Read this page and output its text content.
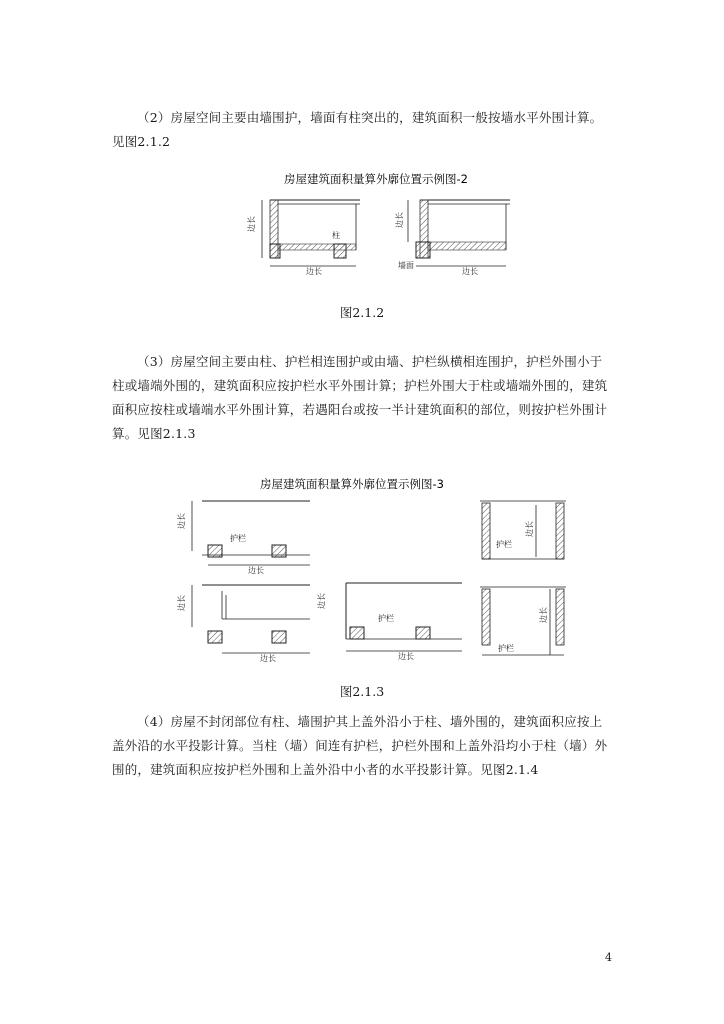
（2）房屋空间主要由墙围护，墙面有柱突出的，建筑面积一般按墙水平外围计算。见图2.1.2

房屋建筑面积量算外廓位置示例图-2
边长
边长
柱
边长
边长
墙面
图2.1.2

（3）房屋空间主要由柱、护栏相连围护或由墙、护栏纵横相连围护，护栏外围小于柱或墙端外围的，建筑面积应按护栏水平外围计算；护栏外围大于柱或墙端外围的，建筑面积应按柱或墙端水平外围计算，若遇阳台或按一半计建筑面积的部位，则按护栏外围计算。见图2.1.3

房屋建筑面积量算外廓位置示例图-3
边长
护栏
边长
边长
边长
边长
护栏
边长
边长
护栏
边长
护栏
图2.1.3

（4）房屋不封闭部位有柱、墙围护其上盖外沿小于柱、墙外围的，建筑面积应按上盖外沿的水平投影计算。当柱（墙）间连有护栏，护栏外围和上盖外沿均小于柱（墙）外围的，建筑面积应按护栏外围和上盖外沿中小者的水平投影计算。见图2.1.4

4
